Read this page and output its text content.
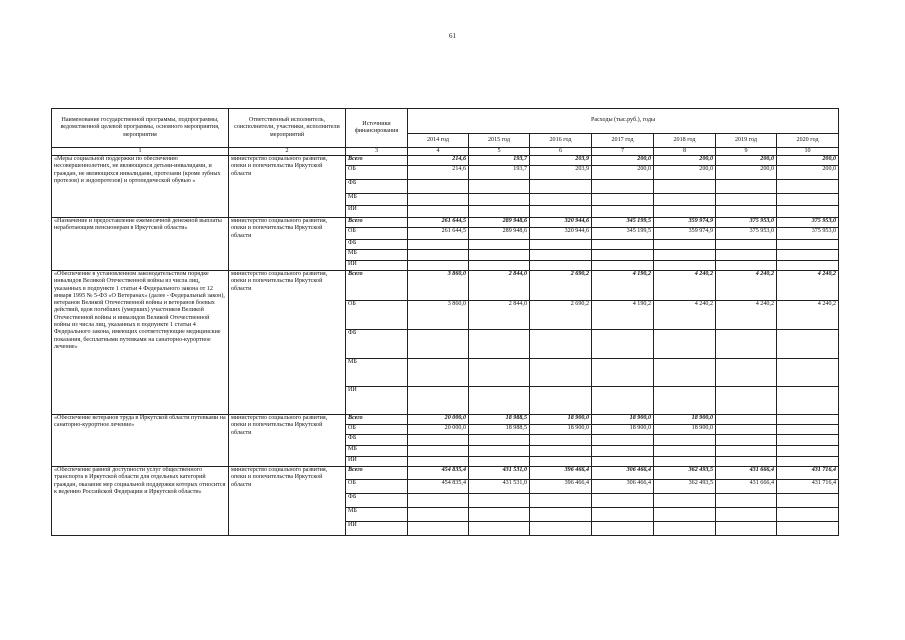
61
Наименование государственной программы, подпрограммы, ведомственной целевой программы, основного мероприятия, мероприятия	Ответственный исполнитель, соисполнители, участники, исполнители мероприятий	Источники финансирования	Расходы (тыс.руб.), годы						
			2014 год	2015 год	2016 год	2017 год	2018 год	2019 год	2020 год
1	2	3	4	5	6	7	8	9	10
«Меры социальной поддержки по обеспечению несовершеннолетних, не являющихся детьми-инвалидами, и граждан, не являющихся инвалидами, протезами (кроме зубных протезов) и эндопротезов) и ортопедической обувью »	министерство социального развития, опеки и попечительства Иркутской области	Всего	214,6	193,7	203,9	200,0	200,0	200,0	200,0
		ОБ	214,6	193,7	203,9	200,0	200,0	200,0	200,0
		ФБ							
		МБ							
		ИИ							
«Назначение и предоставление ежемесячной денежной выплаты неработающим пенсионерам в Иркутской области»	министерство социального развития, опеки и попечительства Иркутской области	Всего	261 644,5	289 948,6	320 944,6	345 199,5	359 974,9	375 953,0	375 953,0
		ОБ	261 644,5	289 948,6	320 944,6	345 199,5	359 974,9	375 953,0	375 953,0
		ФБ							
		МБ							
		ИИ							
«Обеспечение в установленном законодательством порядке инвалидов Великой Отечественной войны из числа лиц, указанных в подпункте 1 статьи 4 Федерального закона от 12 января 1995 № 5-ФЗ «О Ветеранах» (далее - Федеральный закон), ветеранов Великой Отечественной войны и ветеранов боевых действий, вдов погибших (умерших) участников Великой Отечественной войны и инвалидов Великой Отечественной войны из числа лиц, указанных в подпункте 1 статьи 4 Федерального закона, имеющих соответствующие медицинские показания, бесплатными путевками на санаторно-курортное лечение»	министерство социального развития, опеки и попечительства Иркутской области	Всего	3 860,0	2 844,0	2 690,2	4 190,2	4 240,2	4 240,2	4 240,2
		ОБ	3 860,0	2 844,0	2 690,2	4 190,2	4 240,2	4 240,2	4 240,2
		ФБ							
		МБ							
		ИИ							
«Обеспечение ветеранов труда в Иркутской области путевками на санаторно-курортное лечение»	министерство социального развития, опеки и попечительства Иркутской области	Всего	20 000,0	18 988,5	18 900,0	18 900,0	18 900,0		
		ОБ	20 000,0	18 988,5	18 900,0	18 900,0	18 900,0		
		ФБ							
		МБ							
		ИИ							
«Обеспечение равной доступности услуг общественного транспорта в Иркутской области для отдельных категорий граждан, оказание мер социальной поддержки которых относится к ведению Российской Федерации и Иркутской области»	министерство социального развития, опеки и попечительства Иркутской области	Всего	454 835,4	431 531,0	396 466,4	306 466,4	362 493,5	431 666,4	431 716,4
		ОБ	454 835,4	431 531,0	396 466,4	306 466,4	362 493,5	431 666,4	431 716,4
		ФБ							
		МБ							
		ИИ							
